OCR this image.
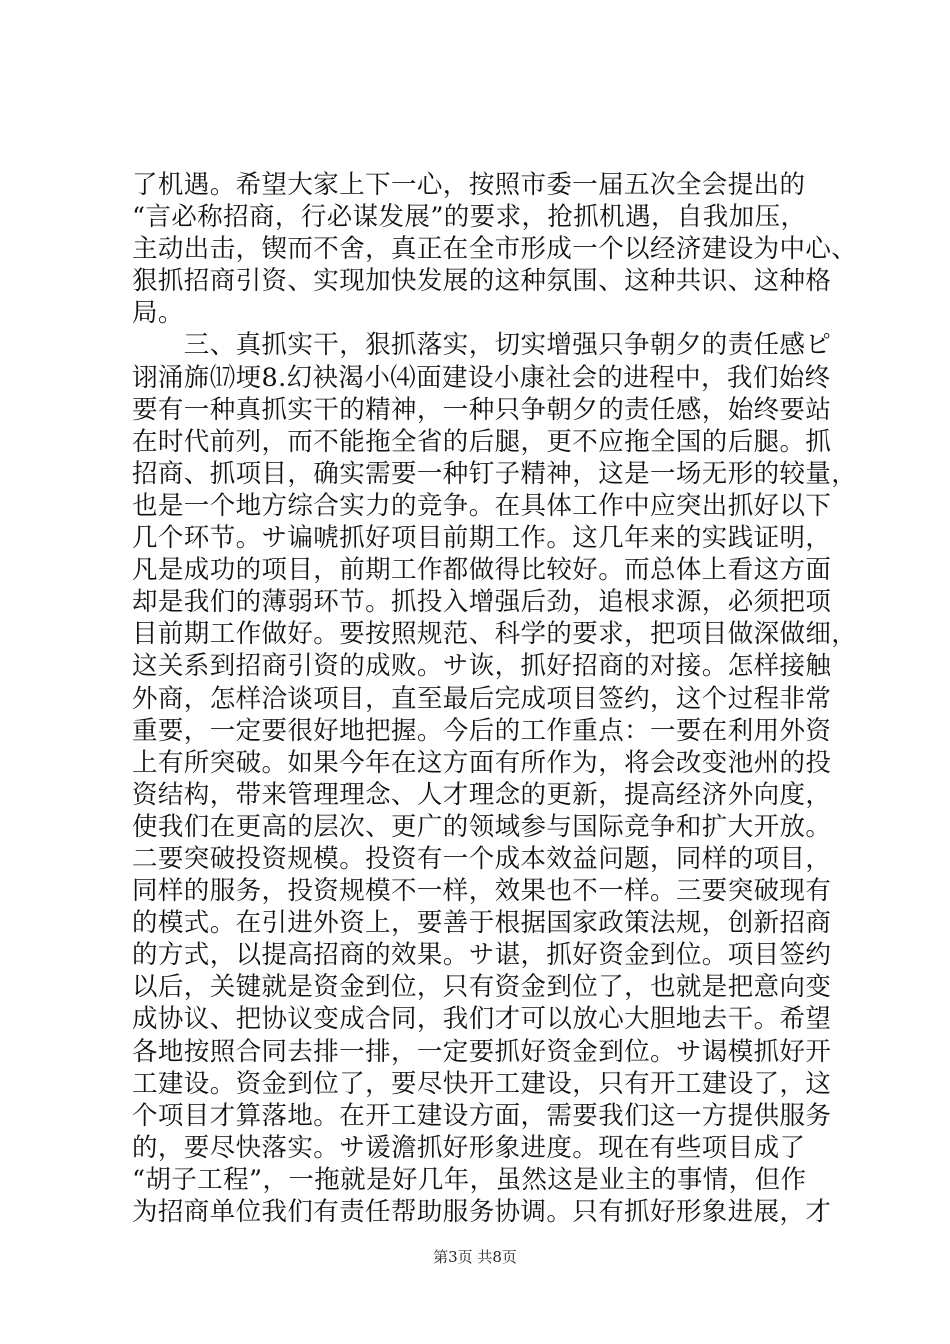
了机遇。希望大家上下一心，按照市委一届五次全会提出的
“言必称招商，行必谋发展”的要求，抢抓机遇，自我加压，
主动出击，锲而不舍，真正在全市形成一个以经济建设为中心、
狠抓招商引资、实现加快发展的这种氛围、这种共识、这种格
局。
　　三、真抓实干，狠抓落实，切实增强只争朝夕的责任感ピ
诩涌旆⒄埂8.幻袂渴小⑷面建设小康社会的进程中，我们始终
要有一种真抓实干的精神，一种只争朝夕的责任感，始终要站
在时代前列，而不能拖全省的后腿，更不应拖全国的后腿。抓
招商、抓项目，确实需要一种钉子精神，这是一场无形的较量，
也是一个地方综合实力的竞争。在具体工作中应突出抓好以下
几个环节。サ谝唬抓好项目前期工作。这几年来的实践证明，
凡是成功的项目，前期工作都做得比较好。而总体上看这方面
却是我们的薄弱环节。抓投入增强后劲，追根求源，必须把项
目前期工作做好。要按照规范、科学的要求，把项目做深做细，
这关系到招商引资的成败。サ诙，抓好招商的对接。怎样接触
外商，怎样洽谈项目，直至最后完成项目签约，这个过程非常
重要，一定要很好地把握。今后的工作重点：一要在利用外资
上有所突破。如果今年在这方面有所作为，将会改变池州的投
资结构，带来管理理念、人才理念的更新，提高经济外向度，
使我们在更高的层次、更广的领域参与国际竞争和扩大开放。
二要突破投资规模。投资有一个成本效益问题，同样的项目，
同样的服务，投资规模不一样，效果也不一样。三要突破现有
的模式。在引进外资上，要善于根据国家政策法规，创新招商
的方式，以提高招商的效果。サ谌，抓好资金到位。项目签约
以后，关键就是资金到位，只有资金到位了，也就是把意向变
成协议、把协议变成合同，我们才可以放心大胆地去干。希望
各地按照合同去排一排，一定要抓好资金到位。サ谒模抓好开
工建设。资金到位了，要尽快开工建设，只有开工建设了，这
个项目才算落地。在开工建设方面，需要我们这一方提供服务
的，要尽快落实。サ谖澹抓好形象进度。现在有些项目成了
“胡子工程”，一拖就是好几年，虽然这是业主的事情，但作
为招商单位我们有责任帮助服务协调。只有抓好形象进展，才
第3页 共8页
